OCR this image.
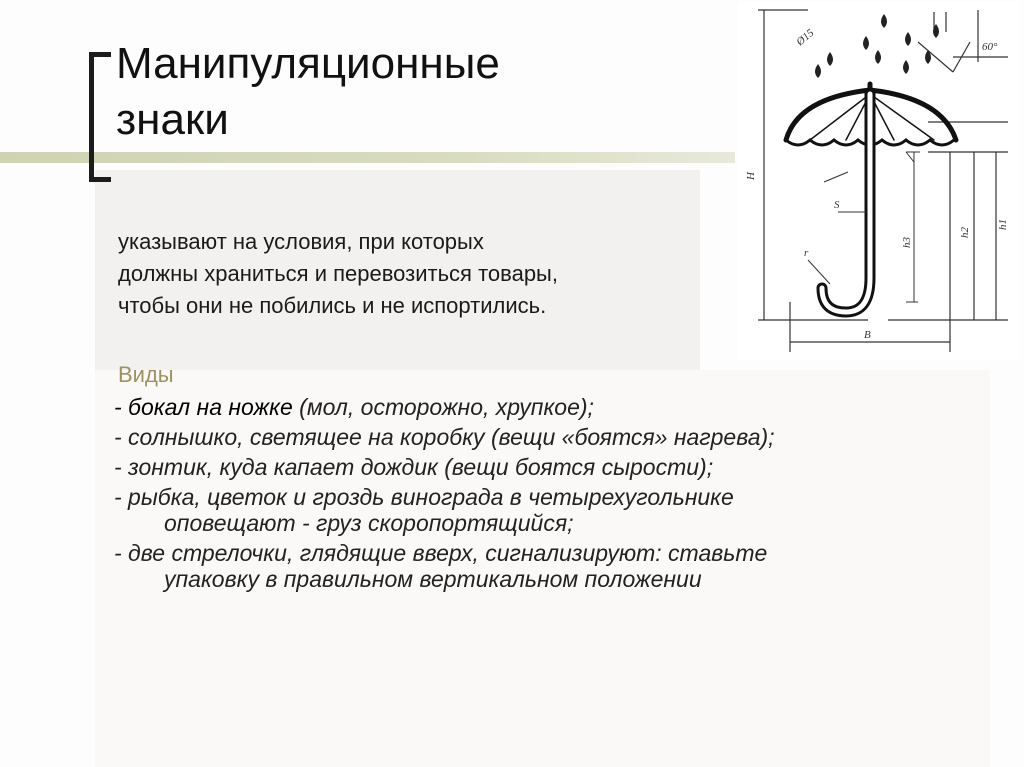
Манипуляционные
знаки
указывают на условия, при которых
должны храниться и перевозиться товары,
чтобы они не побились и не испортились.
Виды
- бокал на ножке (мол, осторожно, хрупкое);
- солнышко, светящее на коробку (вещи «боятся» нагрева);
- зонтик, куда капает дождик (вещи боятся сырости);
- рыбка, цветок и гроздь винограда в четырехугольнике
оповещают - груз скоропортящийся;
- две стрелочки, глядящие вверх, сигнализируют: ставьте
упаковку в правильном вертикальном положении
Ø15	60°
H
h1
h2
h3
B
S
r
